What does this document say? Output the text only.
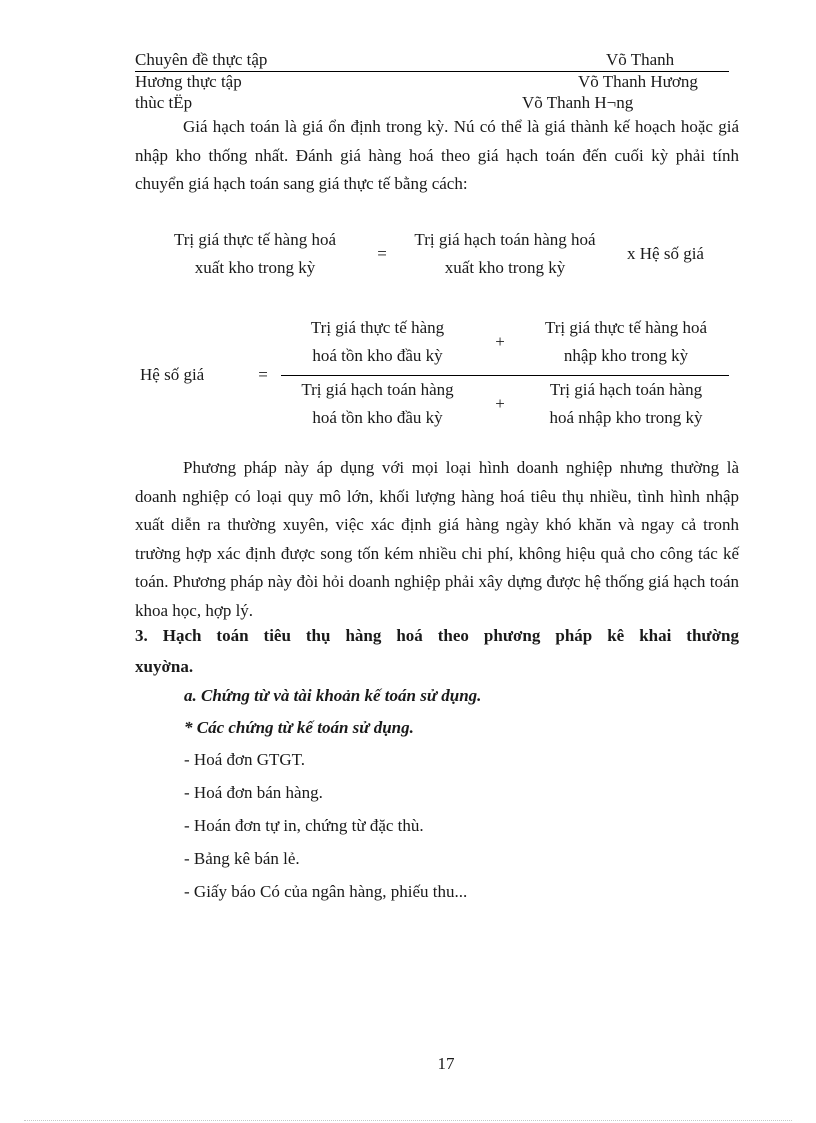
Chuyên đề thực tập	Võ Thanh
Hương thực tập	Võ Thanh Hương
thùc tËp	Võ Thanh H¬ng
Giá hạch toán là giá ổn định trong kỳ. Nú có thể là giá thành kế hoạch hoặc giá nhập kho thống nhất. Đánh giá hàng hoá theo giá hạch toán đến cuối kỳ phải tính chuyển giá hạch toán sang giá thực tế bằng cách:
Trị giá thực tế hàng hoá
xuất kho trong kỳ
=
Trị giá hạch toán hàng hoá
xuất kho trong kỳ
x Hệ số giá
Hệ số giá	=
Trị giá thực tế hàng
hoá tồn kho đầu kỳ
+
Trị giá thực tế hàng hoá
nhập kho trong kỳ
Trị giá hạch toán hàng
hoá tồn kho đầu kỳ
+
Trị giá hạch toán hàng
hoá nhập kho trong kỳ
Phương pháp này áp dụng với mọi loại hình doanh nghiệp nhưng thường là doanh nghiệp có loại quy mô lớn, khối lượng hàng hoá tiêu thụ nhiều, tình hình nhập xuất diễn ra thường xuyên, việc xác định giá hàng ngày khó khăn và ngay cả tronh trường hợp xác định được song tốn kém nhiều chi phí, không hiệu quả cho công tác kế toán. Phương pháp này đòi hỏi doanh nghiệp phải xây dựng được hệ thống giá hạch toán khoa học, hợp lý.
3. Hạch toán tiêu thụ hàng hoá theo phương pháp kê khai thường
xuyờna.
a. Chứng từ và tài khoản kế toán sử dụng.
* Các chứng từ kế toán sử dụng.
- Hoá đơn GTGT.
- Hoá đơn bán hàng.
- Hoán đơn tự in, chứng từ đặc thù.
- Bảng kê bán lẻ.
- Giấy báo Có của ngân hàng, phiếu thu...
17
